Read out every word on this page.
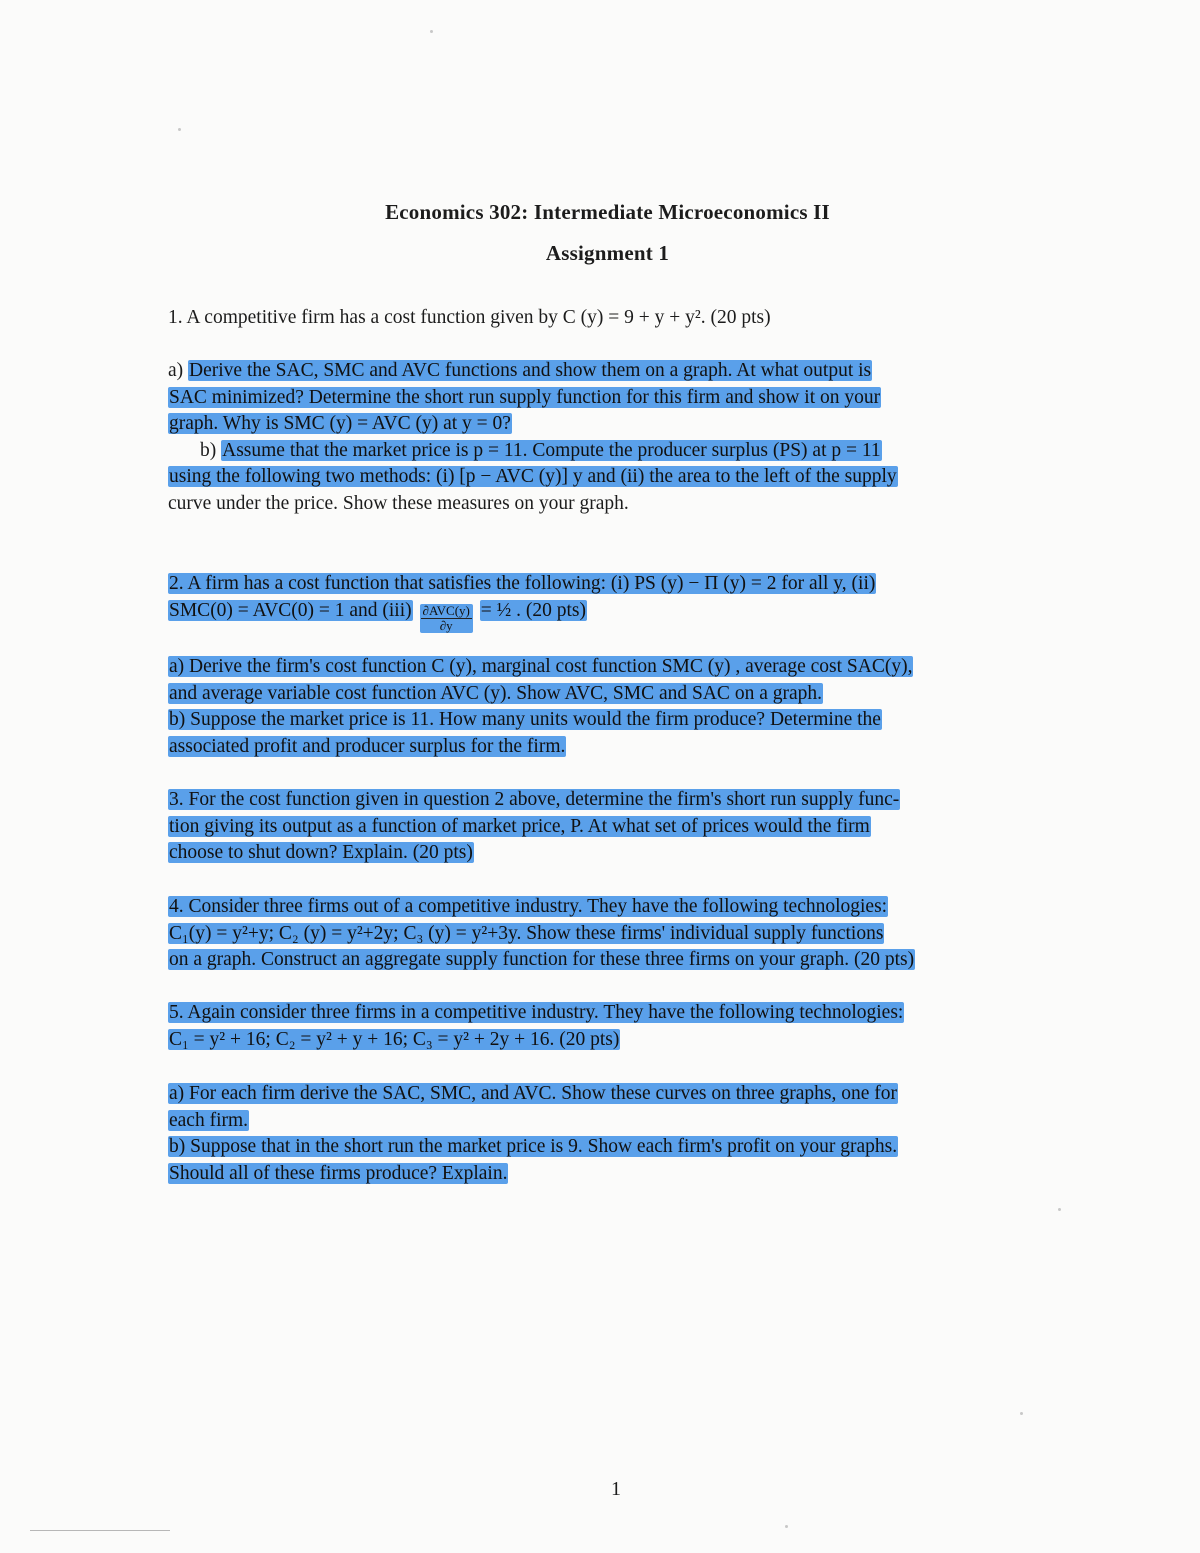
Economics 302: Intermediate Microeconomics II
Assignment 1
1. A competitive firm has a cost function given by C (y) = 9 + y + y². (20 pts)
a) Derive the SAC, SMC and AVC functions and show them on a graph. At what output is
SAC minimized? Determine the short run supply function for this firm and show it on your
graph. Why is SMC (y) = AVC (y) at y = 0?
b) Assume that the market price is p = 11. Compute the producer surplus (PS) at p = 11
using the following two methods: (i) [p − AVC (y)] y and (ii) the area to the left of the supply
curve under the price. Show these measures on your graph.
2. A firm has a cost function that satisfies the following: (i) PS (y) − Π (y) = 2 for all y, (ii)
SMC(0) = AVC(0) = 1 and $(iii) \frac{\text{∂AVC(y)}}{\partial y}$ = ½ . (20 pts)
a) Derive the firm's cost function C (y), marginal cost function SMC (y) , average cost SAC(y),
and average variable cost function AVC (y). Show AVC, SMC and SAC on a graph.
b) Suppose the market price is 11. How many units would the firm produce? Determine the
associated profit and producer surplus for the firm.
3. For the cost function given in question 2 above, determine the firm's short run supply func-
tion giving its output as a function of market price, P. At what set of prices would the firm
choose to shut down? Explain. (20 pts)
4. Consider three firms out of a competitive industry. They have the following technologies:
C₁(y) = y²+y; C₂ (y) = y²+2y; C₃ (y) = y²+3y. Show these firms' individual supply functions
on a graph. Construct an aggregate supply function for these three firms on your graph. (20 pts)
5. Again consider three firms in a competitive industry. They have the following technologies:
C₁ = y² + 16; C₂ = y² + y + 16; C₃ = y² + 2y + 16. (20 pts)
a) For each firm derive the SAC, SMC, and AVC. Show these curves on three graphs, one for
each firm.
b) Suppose that in the short run the market price is 9. Show each firm's profit on your graphs.
Should all of these firms produce? Explain.
1
